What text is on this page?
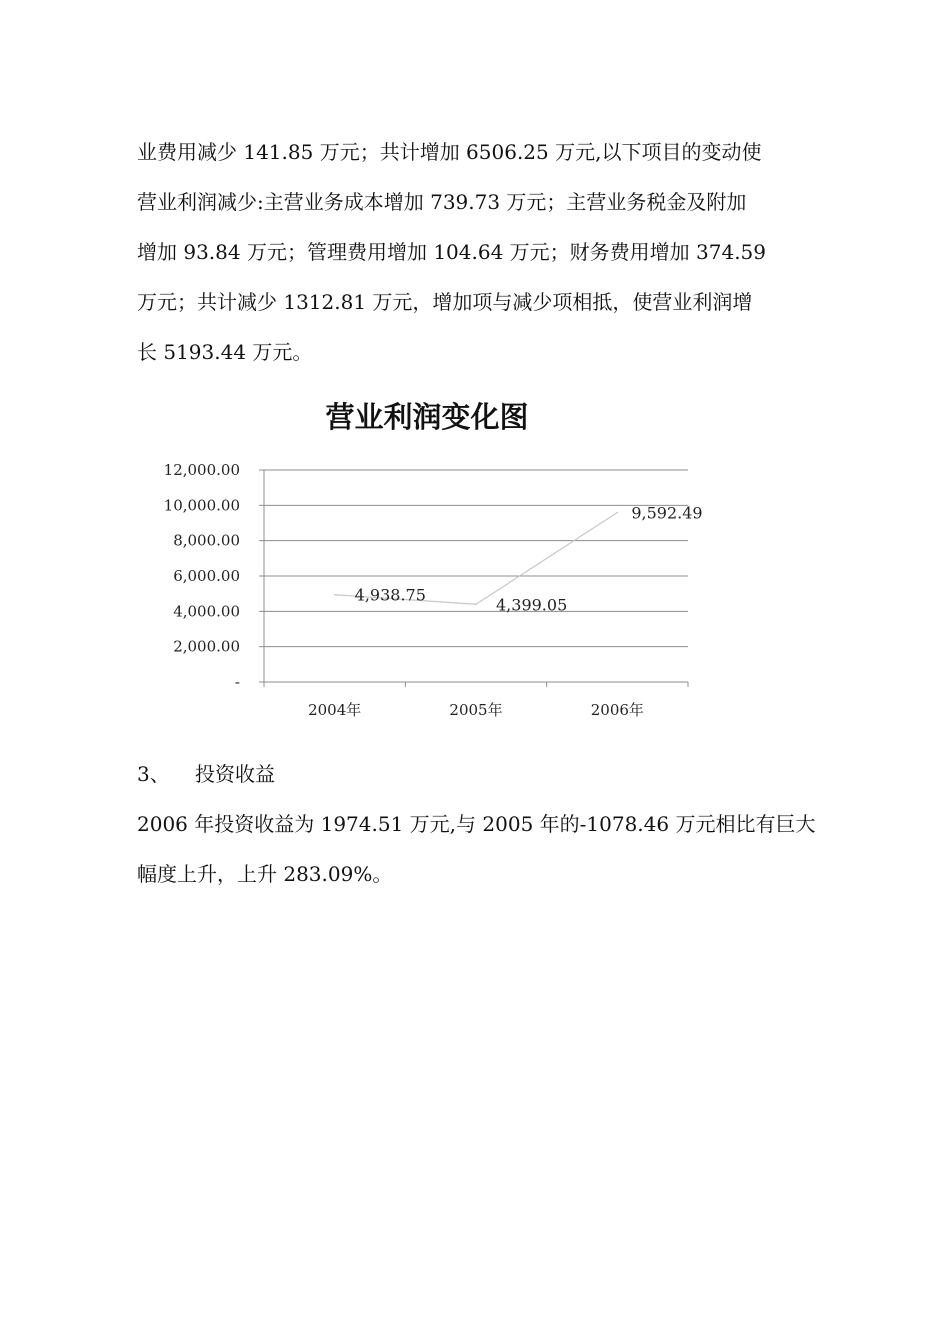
业费用减少 141.85 万元；共计增加 6506.25 万元,以下项目的变动使
营业利润减少:主营业务成本增加 739.73 万元；主营业务税金及附加
增加 93.84 万元；管理费用增加 104.64 万元；财务费用增加 374.59
万元；共计减少 1312.81 万元，增加项与减少项相抵，使营业利润增
长 5193.44 万元。
营业利润变化图
-
2,000.00
4,000.00
6,000.00
8,000.00
10,000.00
12,000.00
2004年	2005年	2006年
4,938.75
4,399.05
9,592.49
3、 投资收益
2006 年投资收益为 1974.51 万元,与 2005 年的-1078.46 万元相比有巨大
幅度上升，上升 283.09%。
